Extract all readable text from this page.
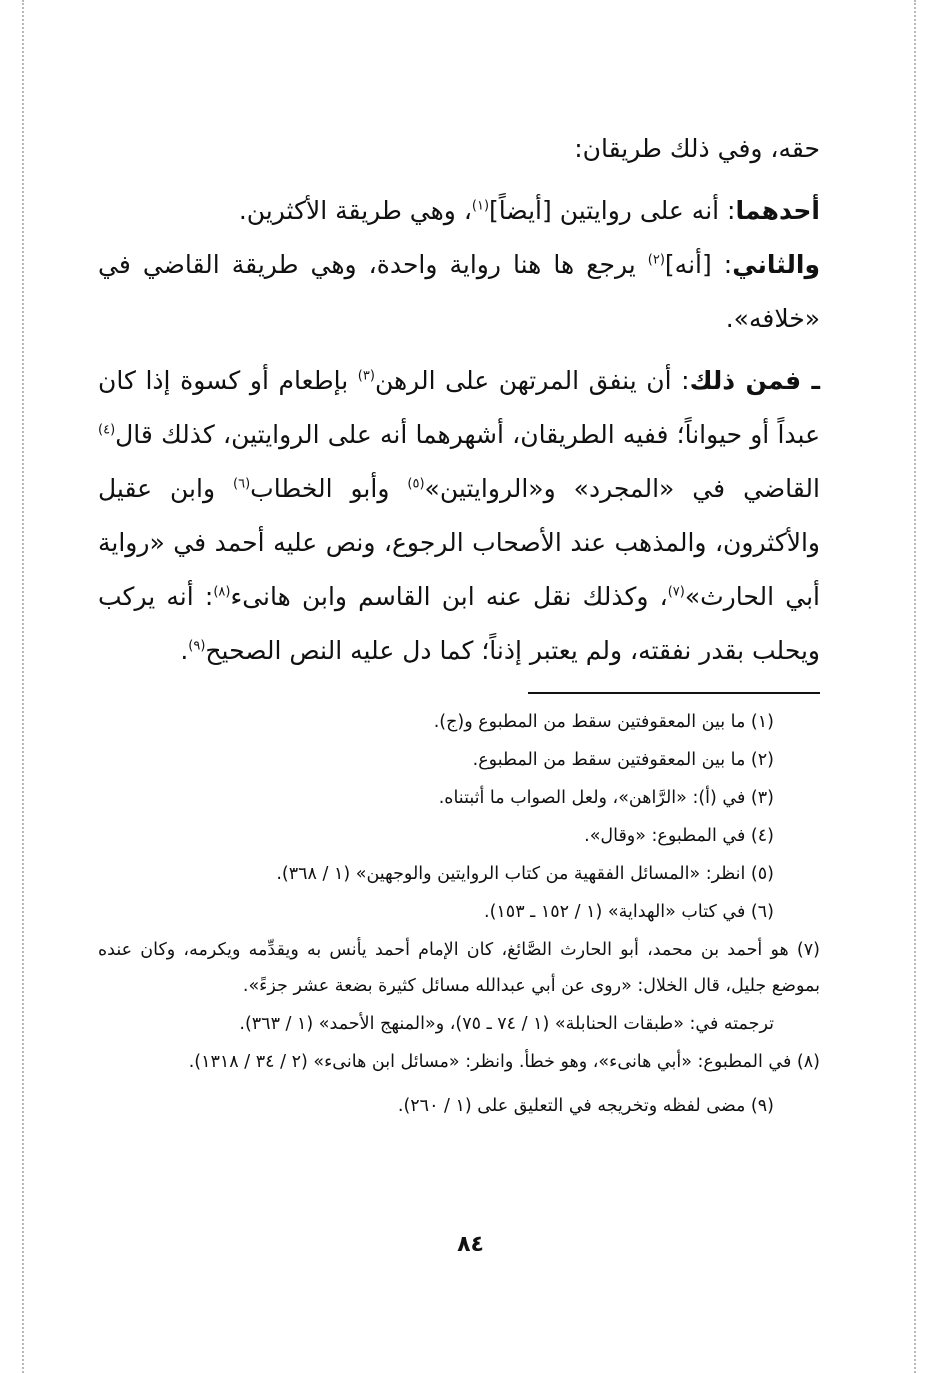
حقه، وفي ذلك طريقان:

أحدهما: أنه على روايتين [أيضاً]$^{(١)}$، وهي طريقة الأكثرين.

والثاني: [أنه]$^{(٢)}$ يرجع ها هنا رواية واحدة، وهي طريقة القاضي في «خلافه».

ـ فمن ذلك: أن ينفق المرتهن على الرهن$^{(٣)}$ بإطعام أو كسوة إذا كان عبداً أو حيواناً؛ ففيه الطريقان، أشهرهما أنه على الروايتين، كذلك قال$^{(٤)}$ القاضي في «المجرد» و«الروايتين»$^{(٥)}$ وأبو الخطاب$^{(٦)}$ وابن عقيل والأكثرون، والمذهب عند الأصحاب الرجوع، ونص عليه أحمد في «رواية أبي الحارث»$^{(٧)}$، وكذلك نقل عنه ابن القاسم وابن هانىء$^{(٨)}$: أنه يركب ويحلب بقدر نفقته، ولم يعتبر إذناً؛ كما دل عليه النص الصحيح$^{(٩)}$.

(١) ما بين المعقوفتين سقط من المطبوع و(ج).

(٢) ما بين المعقوفتين سقط من المطبوع.

(٣) في (أ): «الرَّاهن»، ولعل الصواب ما أثبتناه.

(٤) في المطبوع: «وقال».

(٥) انظر: «المسائل الفقهية من كتاب الروايتين والوجهين» (١ / ٣٦٨).

(٦) في كتاب «الهداية» (١ / ١٥٢ ـ ١٥٣).

(٧) هو أحمد بن محمد، أبو الحارث الصَّائغ، كان الإمام أحمد يأنس به ويقدِّمه ويكرمه، وكان عنده بموضع جليل، قال الخلال: «روى عن أبي عبدالله مسائل كثيرة بضعة عشر جزءً».

ترجمته في: «طبقات الحنابلة» (١ / ٧٤ ـ ٧٥)، و«المنهج الأحمد» (١ / ٣٦٣).

(٨) في المطبوع: «أبي هانىء»، وهو خطأ. وانظر: «مسائل ابن هانىء» (٢ / ٣٤ / ١٣١٨).

(٩) مضى لفظه وتخريجه في التعليق على (١ / ٢٦٠).

٨٤
